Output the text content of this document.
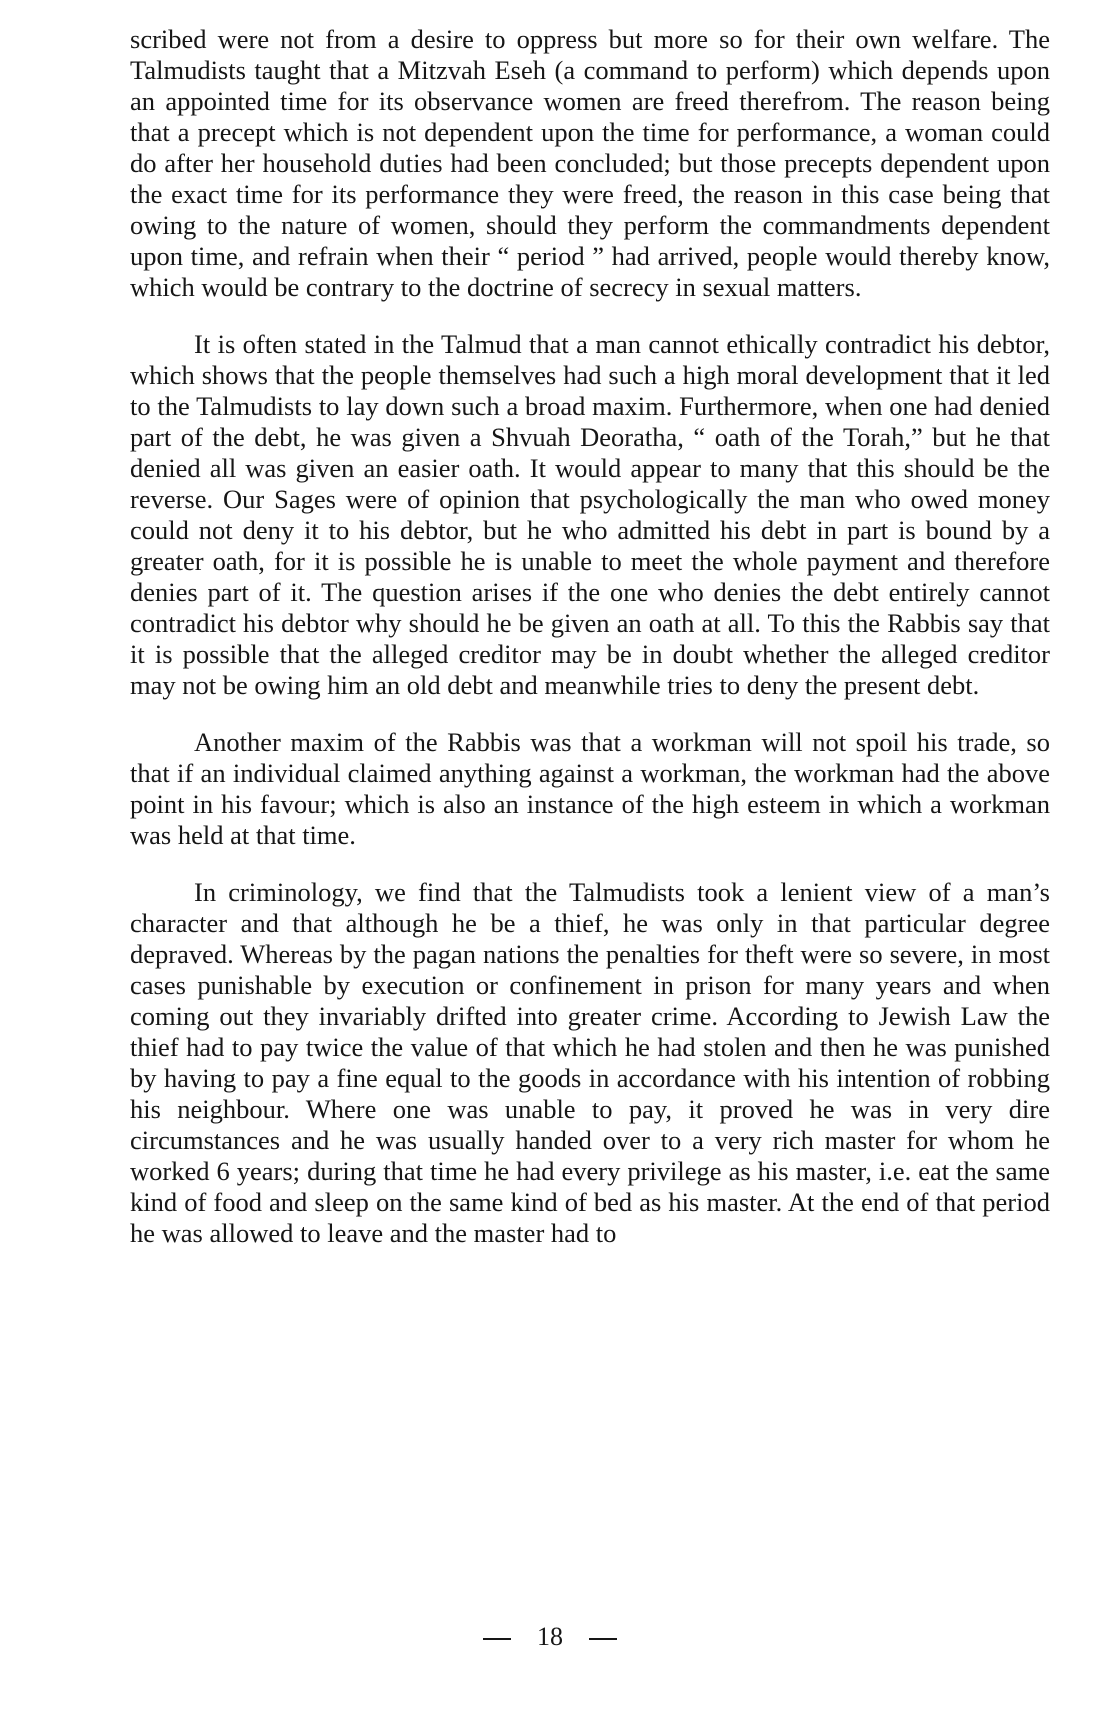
scribed were not from a desire to oppress but more so for their own welfare. The Talmudists taught that a Mitzvah Eseh (a command to perform) which depends upon an appointed time for its observance women are freed therefrom. The reason being that a precept which is not dependent upon the time for performance, a woman could do after her household duties had been concluded; but those precepts dependent upon the exact time for its performance they were freed, the reason in this case being that owing to the nature of women, should they perform the commandments dependent upon time, and refrain when their “ period ” had arrived, people would thereby know, which would be contrary to the doctrine of secrecy in sexual matters.

It is often stated in the Talmud that a man cannot ethically contradict his debtor, which shows that the people themselves had such a high moral development that it led to the Talmudists to lay down such a broad maxim. Furthermore, when one had denied part of the debt, he was given a Shvuah Deoratha, “ oath of the Torah,” but he that denied all was given an easier oath. It would appear to many that this should be the reverse. Our Sages were of opinion that psychologically the man who owed money could not deny it to his debtor, but he who admitted his debt in part is bound by a greater oath, for it is possible he is unable to meet the whole payment and therefore denies part of it. The question arises if the one who denies the debt entirely cannot contradict his debtor why should he be given an oath at all. To this the Rabbis say that it is possible that the alleged creditor may be in doubt whether the alleged creditor may not be owing him an old debt and meanwhile tries to deny the present debt.

Another maxim of the Rabbis was that a workman will not spoil his trade, so that if an individual claimed anything against a workman, the workman had the above point in his favour; which is also an instance of the high esteem in which a workman was held at that time.

In criminology, we find that the Talmudists took a lenient view of a man’s character and that although he be a thief, he was only in that particular degree depraved. Whereas by the pagan nations the penalties for theft were so severe, in most cases punishable by execution or confinement in prison for many years and when coming out they invariably drifted into greater crime. According to Jewish Law the thief had to pay twice the value of that which he had stolen and then he was punished by having to pay a fine equal to the goods in accordance with his intention of robbing his neighbour. Where one was unable to pay, it proved he was in very dire circumstances and he was usually handed over to a very rich master for whom he worked 6 years; during that time he had every privilege as his master, i.e. eat the same kind of food and sleep on the same kind of bed as his master. At the end of that period he was allowed to leave and the master had to

18
